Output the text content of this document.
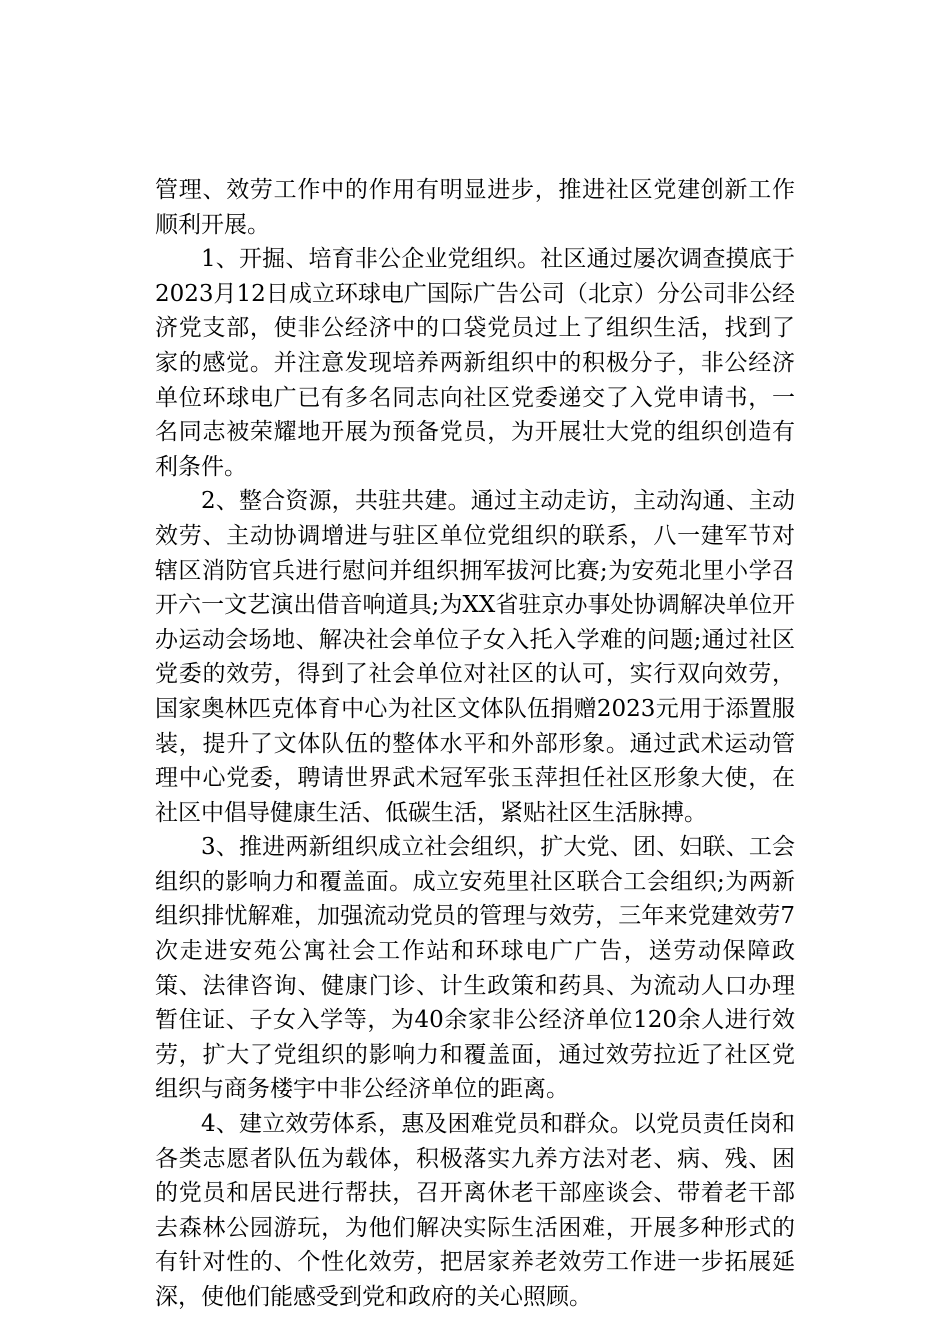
管理、效劳工作中的作用有明显进步，推进社区党建创新工作顺利开展。

1、开掘、培育非公企业党组织。社区通过屡次调查摸底于2023月12日成立环球电广国际广告公司（北京）分公司非公经济党支部，使非公经济中的口袋党员过上了组织生活，找到了家的感觉。并注意发现培养两新组织中的积极分子，非公经济单位环球电广已有多名同志向社区党委递交了入党申请书，一名同志被荣耀地开展为预备党员，为开展壮大党的组织创造有利条件。

2、整合资源，共驻共建。通过主动走访，主动沟通、主动效劳、主动协调增进与驻区单位党组织的联系，八一建军节对辖区消防官兵进行慰问并组织拥军拔河比赛;为安苑北里小学召开六一文艺演出借音响道具;为XX省驻京办事处协调解决单位开办运动会场地、解决社会单位子女入托入学难的问题;通过社区党委的效劳，得到了社会单位对社区的认可，实行双向效劳，国家奥林匹克体育中心为社区文体队伍捐赠2023元用于添置服装，提升了文体队伍的整体水平和外部形象。通过武术运动管理中心党委，聘请世界武术冠军张玉萍担任社区形象大使，在社区中倡导健康生活、低碳生活，紧贴社区生活脉搏。

3、推进两新组织成立社会组织，扩大党、团、妇联、工会组织的影响力和覆盖面。成立安苑里社区联合工会组织;为两新组织排忧解难，加强流动党员的管理与效劳，三年来党建效劳7次走进安苑公寓社会工作站和环球电广广告，送劳动保障政策、法律咨询、健康门诊、计生政策和药具、为流动人口办理暂住证、子女入学等，为40余家非公经济单位120余人进行效劳，扩大了党组织的影响力和覆盖面，通过效劳拉近了社区党组织与商务楼宇中非公经济单位的距离。

4、建立效劳体系，惠及困难党员和群众。以党员责任岗和各类志愿者队伍为载体，积极落实九养方法对老、病、残、困的党员和居民进行帮扶，召开离休老干部座谈会、带着老干部去森林公园游玩，为他们解决实际生活困难，开展多种形式的有针对性的、个性化效劳，把居家养老效劳工作进一步拓展延深，使他们能感受到党和政府的关心照顾。
